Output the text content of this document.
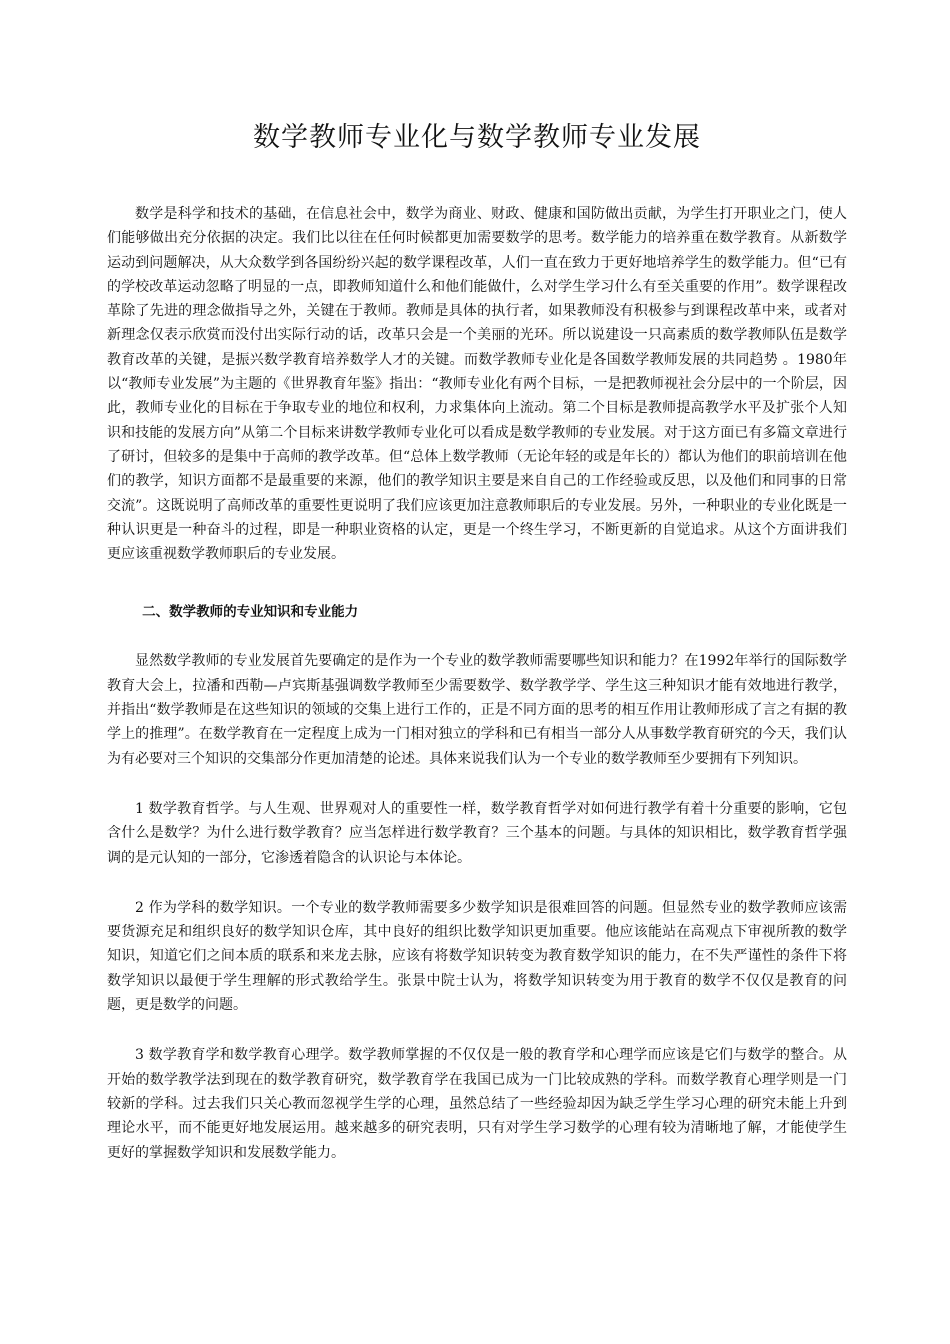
数学教师专业化与数学教师专业发展

数学是科学和技术的基础，在信息社会中，数学为商业、财政、健康和国防做出贡献，为学生打开职业之门，使人们能够做出充分依据的决定。我们比以往在任何时候都更加需要数学的思考。数学能力的培养重在数学教育。从新数学运动到问题解决，从大众数学到各国纷纷兴起的数学课程改革，人们一直在致力于更好地培养学生的数学能力。但“已有的学校改革运动忽略了明显的一点，即教师知道什么和他们能做什，么对学生学习什么有至关重要的作用”。数学课程改革除了先进的理念做指导之外，关键在于教师。教师是具体的执行者，如果教师没有积极参与到课程改革中来，或者对新理念仅表示欣赏而没付出实际行动的话，改革只会是一个美丽的光环。所以说建设一只高素质的数学教师队伍是数学教育改革的关键，是振兴数学教育培养数学人才的关键。而数学教师专业化是各国数学教师发展的共同趋势 。1980年以“教师专业发展”为主题的《世界教育年鉴》指出：“教师专业化有两个目标，一是把教师视社会分层中的一个阶层，因此，教师专业化的目标在于争取专业的地位和权利，力求集体向上流动。第二个目标是教师提高教学水平及扩张个人知识和技能的发展方向”从第二个目标来讲数学教师专业化可以看成是数学教师的专业发展。对于这方面已有多篇文章进行了研讨，但较多的是集中于高师的教学改革。但“总体上数学教师（无论年轻的或是年长的）都认为他们的职前培训在他们的教学，知识方面都不是最重要的来源，他们的教学知识主要是来自自己的工作经验或反思，以及他们和同事的日常交流”。这既说明了高师改革的重要性更说明了我们应该更加注意教师职后的专业发展。另外，一种职业的专业化既是一种认识更是一种奋斗的过程，即是一种职业资格的认定，更是一个终生学习，不断更新的自觉追求。从这个方面讲我们更应该重视数学教师职后的专业发展。

二、数学教师的专业知识和专业能力

显然数学教师的专业发展首先要确定的是作为一个专业的数学教师需要哪些知识和能力？在1992年举行的国际数学教育大会上，拉潘和西勒—卢宾斯基强调数学教师至少需要数学、数学教学学、学生这三种知识才能有效地进行教学，并指出“数学教师是在这些知识的领域的交集上进行工作的，正是不同方面的思考的相互作用让教师形成了言之有据的教学上的推理”。在数学教育在一定程度上成为一门相对独立的学科和已有相当一部分人从事数学教育研究的今天，我们认为有必要对三个知识的交集部分作更加清楚的论述。具体来说我们认为一个专业的数学教师至少要拥有下列知识。

1 数学教育哲学。与人生观、世界观对人的重要性一样，数学教育哲学对如何进行教学有着十分重要的影响，它包含什么是数学？为什么进行数学教育？应当怎样进行数学教育？三个基本的问题。与具体的知识相比，数学教育哲学强调的是元认知的一部分，它渗透着隐含的认识论与本体论。

2 作为学科的数学知识。一个专业的数学教师需要多少数学知识是很难回答的问题。但显然专业的数学教师应该需要货源充足和组织良好的数学知识仓库，其中良好的组织比数学知识更加重要。他应该能站在高观点下审视所教的数学知识，知道它们之间本质的联系和来龙去脉，应该有将数学知识转变为教育数学知识的能力，在不失严谨性的条件下将数学知识以最便于学生理解的形式教给学生。张景中院士认为，将数学知识转变为用于教育的数学不仅仅是教育的问题，更是数学的问题。

3 数学教育学和数学教育心理学。数学教师掌握的不仅仅是一般的教育学和心理学而应该是它们与数学的整合。从开始的数学教学法到现在的数学教育研究，数学教育学在我国已成为一门比较成熟的学科。而数学教育心理学则是一门较新的学科。过去我们只关心教而忽视学生学的心理，虽然总结了一些经验却因为缺乏学生学习心理的研究未能上升到理论水平，而不能更好地发展运用。越来越多的研究表明，只有对学生学习数学的心理有较为清晰地了解，才能使学生更好的掌握数学知识和发展数学能力。
